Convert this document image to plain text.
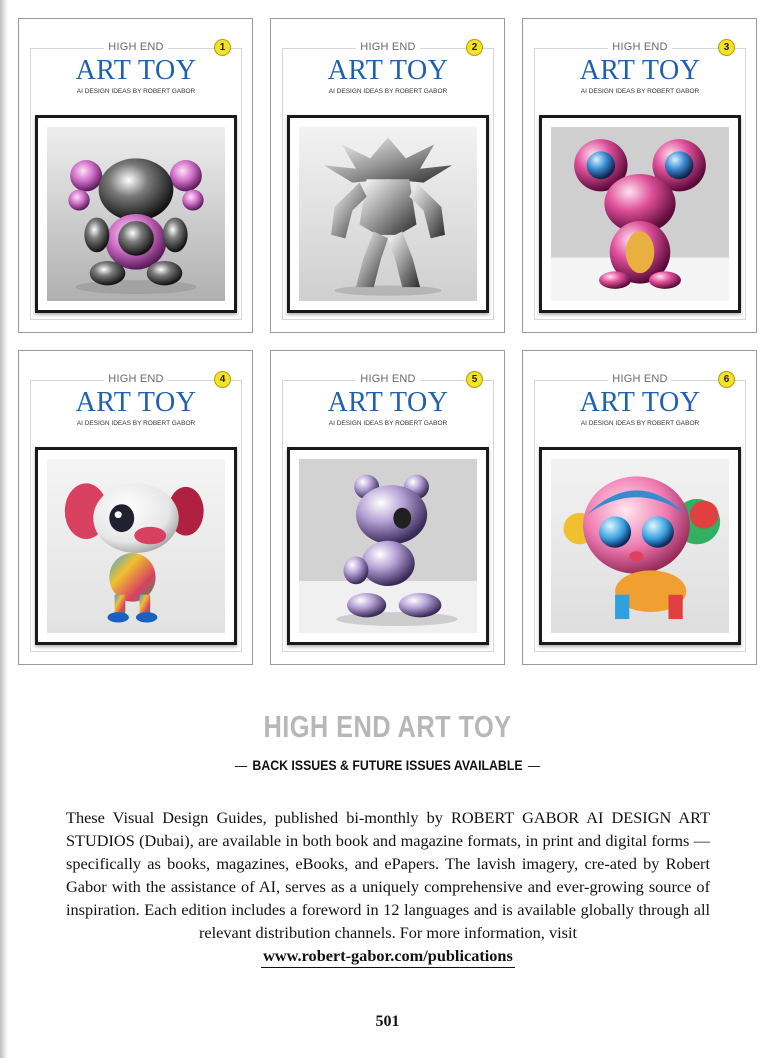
HIGH END	1
ART TOY
AI DESIGN IDEAS BY ROBERT GABOR
HIGH END	2
ART TOY
AI DESIGN IDEAS BY ROBERT GABOR
HIGH END	3
ART TOY
AI DESIGN IDEAS BY ROBERT GABOR
HIGH END	4
ART TOY
AI DESIGN IDEAS BY ROBERT GABOR
HIGH END	5
ART TOY
AI DESIGN IDEAS BY ROBERT GABOR
HIGH END	6
ART TOY
AI DESIGN IDEAS BY ROBERT GABOR
HIGH END ART TOY
— BACK ISSUES & FUTURE ISSUES AVAILABLE —
These Visual Design Guides, published bi-monthly by ROBERT GABOR AI DESIGN ART STUDIOS (Dubai), are available in both book and magazine formats, in print and digital forms — specifically as books, magazines, eBooks, and ePapers. The lavish imagery, cre-ated by Robert Gabor with the assistance of AI, serves as a uniquely comprehensive and ever-growing source of inspiration. Each edition includes a foreword in 12 languages and is available globally through all relevant distribution channels. For more information, visit
www.robert-gabor.com/publications
501
